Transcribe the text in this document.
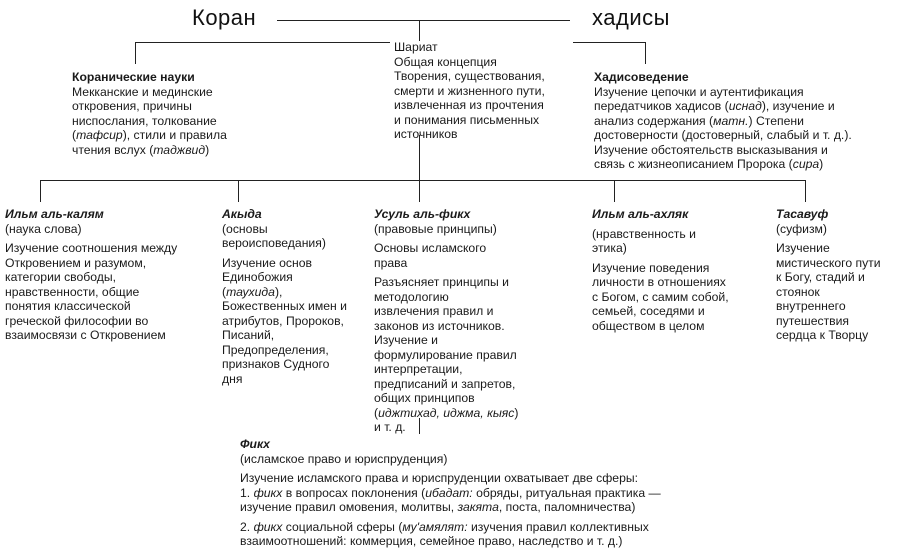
Коран	хадисы
Шариат
Общая концепция
Творения, существования,
смерти и жизненного пути,
извлеченная из прочтения
и понимания письменных
источников
Коранические науки
Мекканские и мединские
откровения, причины
ниспослания, толкование
(тафсир), стили и правила
чтения вслух (таджвид)
Хадисоведение
Изучение цепочки и аутентификация
передатчиков хадисов (иснад), изучение и
анализ содержания (матн.) Степени
достоверности (достоверный, слабый и т. д.).
Изучение обстоятельств высказывания и
связь с жизнеописанием Пророка (сира)
Ильм аль-калям
(наука слова)
Изучение соотношения между
Откровением и разумом,
категории свободы,
нравственности, общие
понятия классической
греческой философии во
взаимосвязи с Откровением
Акыда
(основы
вероисповедания)
Изучение основ
Единобожия
(таухида),
Божественных имен и
атрибутов, Пророков,
Писаний,
Предопределения,
признаков Судного
дня
Усуль аль-фикх
(правовые принципы)
Основы исламского
права
Разъясняет принципы и
методологию
извлечения правил и
законов из источников.
Изучение и
формулирование правил
интерпретации,
предписаний и запретов,
общих принципов
(иджтихад, иджма, кыяс)
и т. д.
Ильм аль-ахляк
(нравственность и
этика)
Изучение поведения
личности в отношениях
с Богом, с самим собой,
семьей, соседями и
обществом в целом
Тасавуф
(суфизм)
Изучение
мистического пути
к Богу, стадий и
стоянок
внутреннего
путешествия
сердца к Творцу
Фикх
(исламское право и юриспруденция)
Изучение исламского права и юриспруденции охватывает две сферы:
1. фикх в вопросах поклонения (ибадат: обряды, ритуальная практика —
изучение правил омовения, молитвы, закята, поста, паломничества)
2. фикх социальной сферы (му'амялят: изучения правил коллективных
взаимоотношений: коммерция, семейное право, наследство и т. д.)
